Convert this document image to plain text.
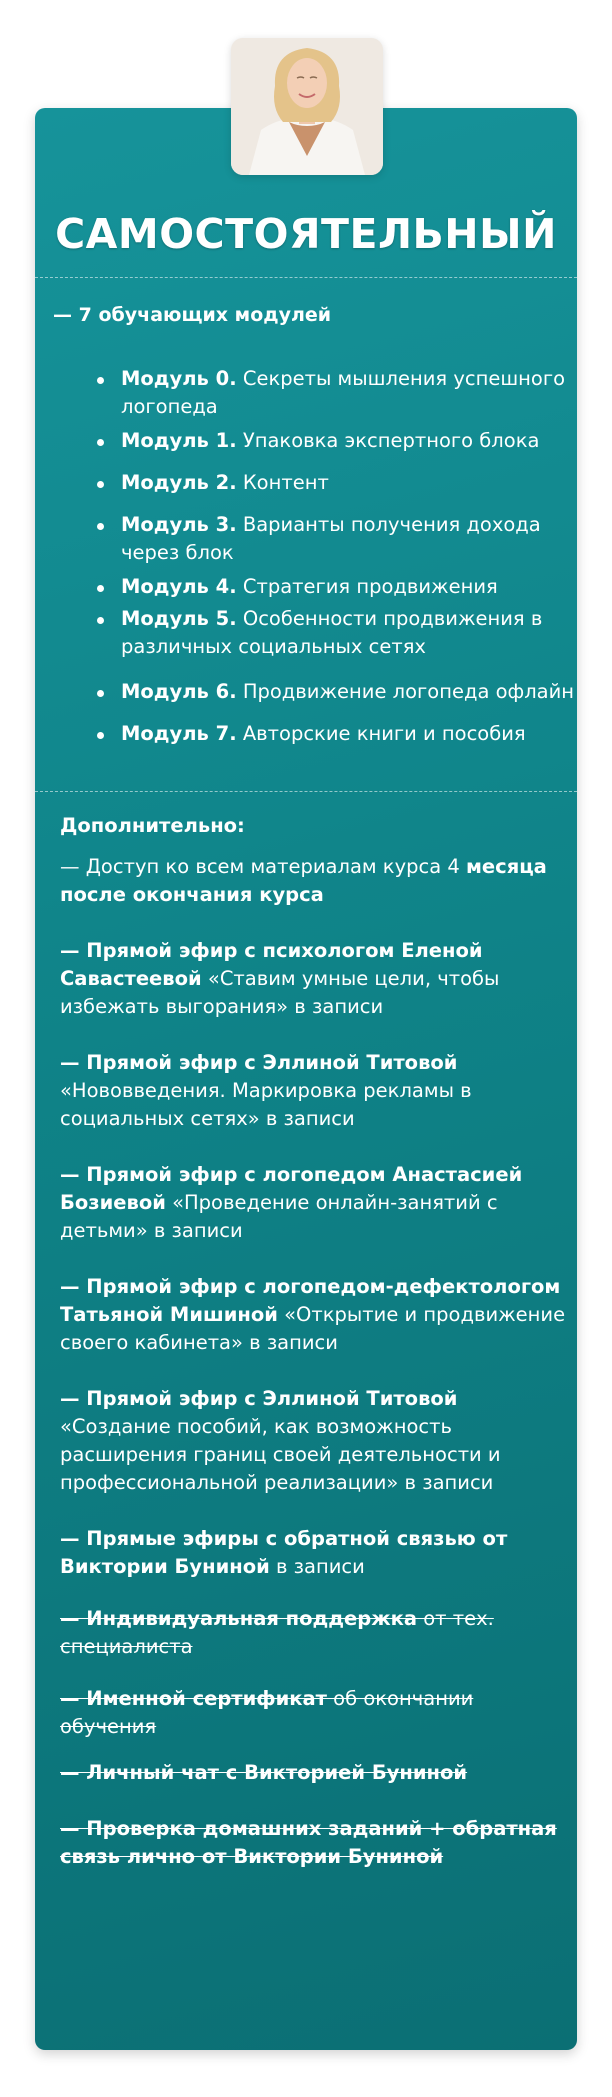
САМОСТОЯТЕЛЬНЫЙ
— 7 обучающих модулей
Модуль 0. Секреты мышления успешного логопеда
Модуль 1. Упаковка экспертного блока
Модуль 2. Контент
Модуль 3. Варианты получения дохода через блок
Модуль 4. Стратегия продвижения
Модуль 5. Особенности продвижения в различных социальных сетях
Модуль 6. Продвижение логопеда офлайн
Модуль 7. Авторские книги и пособия
Дополнительно:
— Доступ ко всем материалам курса 4 месяца после окончания курса
— Прямой эфир с психологом Еленой Савастеевой «Ставим умные цели, чтобы избежать выгорания» в записи
— Прямой эфир с Эллиной Титовой «Нововведения. Маркировка рекламы в социальных сетях» в записи
— Прямой эфир с логопедом Анастасией Бозиевой «Проведение онлайн-занятий с детьми» в записи
— Прямой эфир с логопедом-дефектологом Татьяной Мишиной «Открытие и продвижение своего кабинета» в записи
— Прямой эфир с Эллиной Титовой «Создание пособий, как возможность расширения границ своей деятельности и профессиональной реализации» в записи
— Прямые эфиры с обратной связью от Виктории Буниной в записи
— Индивидуальная поддержка от тех. специалиста
— Именной сертификат об окончании обучения
— Личный чат с Викторией Буниной
— Проверка домашних заданий + обратная связь лично от Виктории Буниной
